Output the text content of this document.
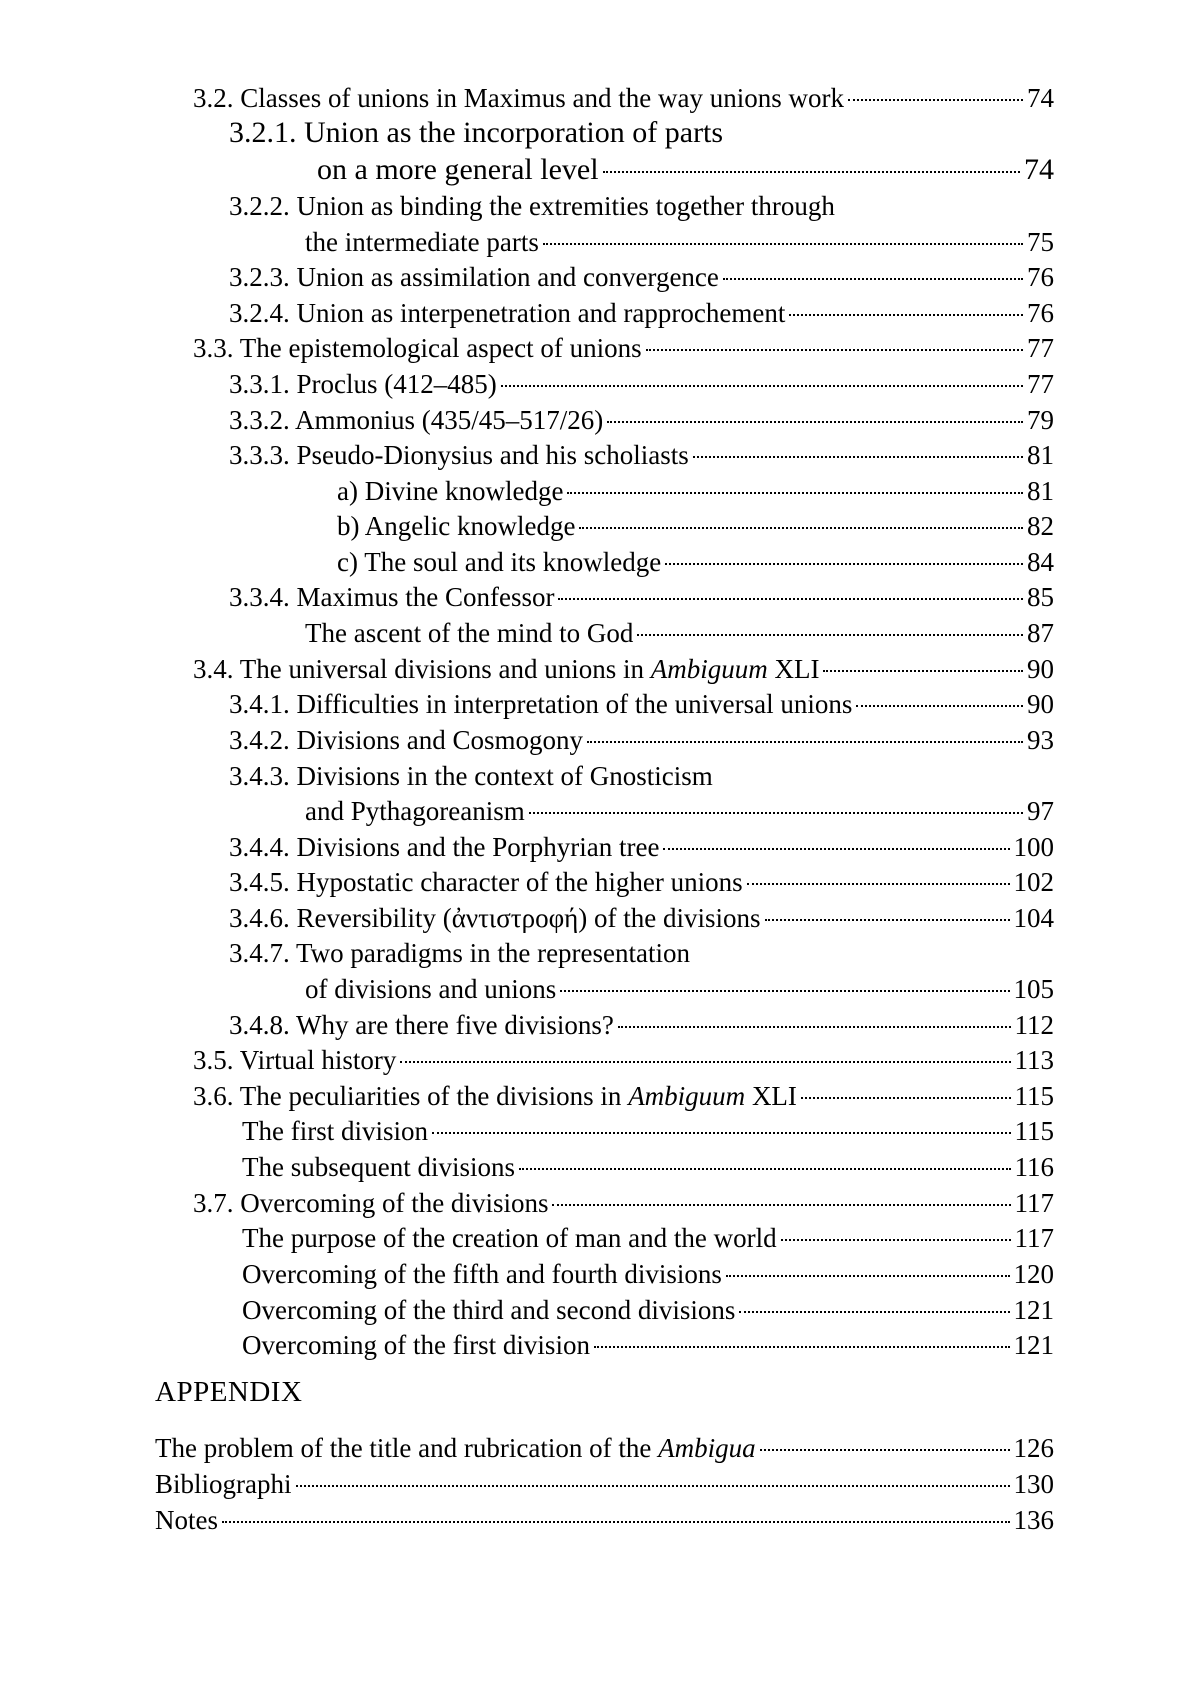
3.2. Classes of unions in Maximus and the way unions work	74
3.2.1. Union as the incorporation of parts
on a more general level	74
3.2.2. Union as binding the extremities together through
the intermediate parts	75
3.2.3. Union as assimilation and convergence	76
3.2.4. Union as interpenetration and rapprochement	76
3.3. The epistemological aspect of unions	77
3.3.1. Proclus (412–485)	77
3.3.2. Ammonius (435/45–517/26)	79
3.3.3. Pseudo-Dionysius and his scholiasts	81
a) Divine knowledge	81
b) Angelic knowledge	82
c) The soul and its knowledge	84
3.3.4. Maximus the Confessor	85
The ascent of the mind to God	87
3.4. The universal divisions and unions in Ambiguum XLI	90
3.4.1. Difficulties in interpretation of the universal unions	90
3.4.2. Divisions and Cosmogony	93
3.4.3. Divisions in the context of Gnosticism
and Pythagoreanism	97
3.4.4. Divisions and the Porphyrian tree	100
3.4.5. Hypostatic character of the higher unions	102
3.4.6. Reversibility (ἀντιστροφή) of the divisions	104
3.4.7. Two paradigms in the representation
of divisions and unions	105
3.4.8. Why are there five divisions?	112
3.5. Virtual history	113
3.6. The peculiarities of the divisions in Ambiguum XLI	115
The first division	115
The subsequent divisions	116
3.7. Overcoming of the divisions	117
The purpose of the creation of man and the world	117
Overcoming of the fifth and fourth divisions	120
Overcoming of the third and second divisions	121
Overcoming of the first division	121
The problem of the title and rubrication of the Ambigua	126
Bibliographi	130
Notes	136
APPENDIX
